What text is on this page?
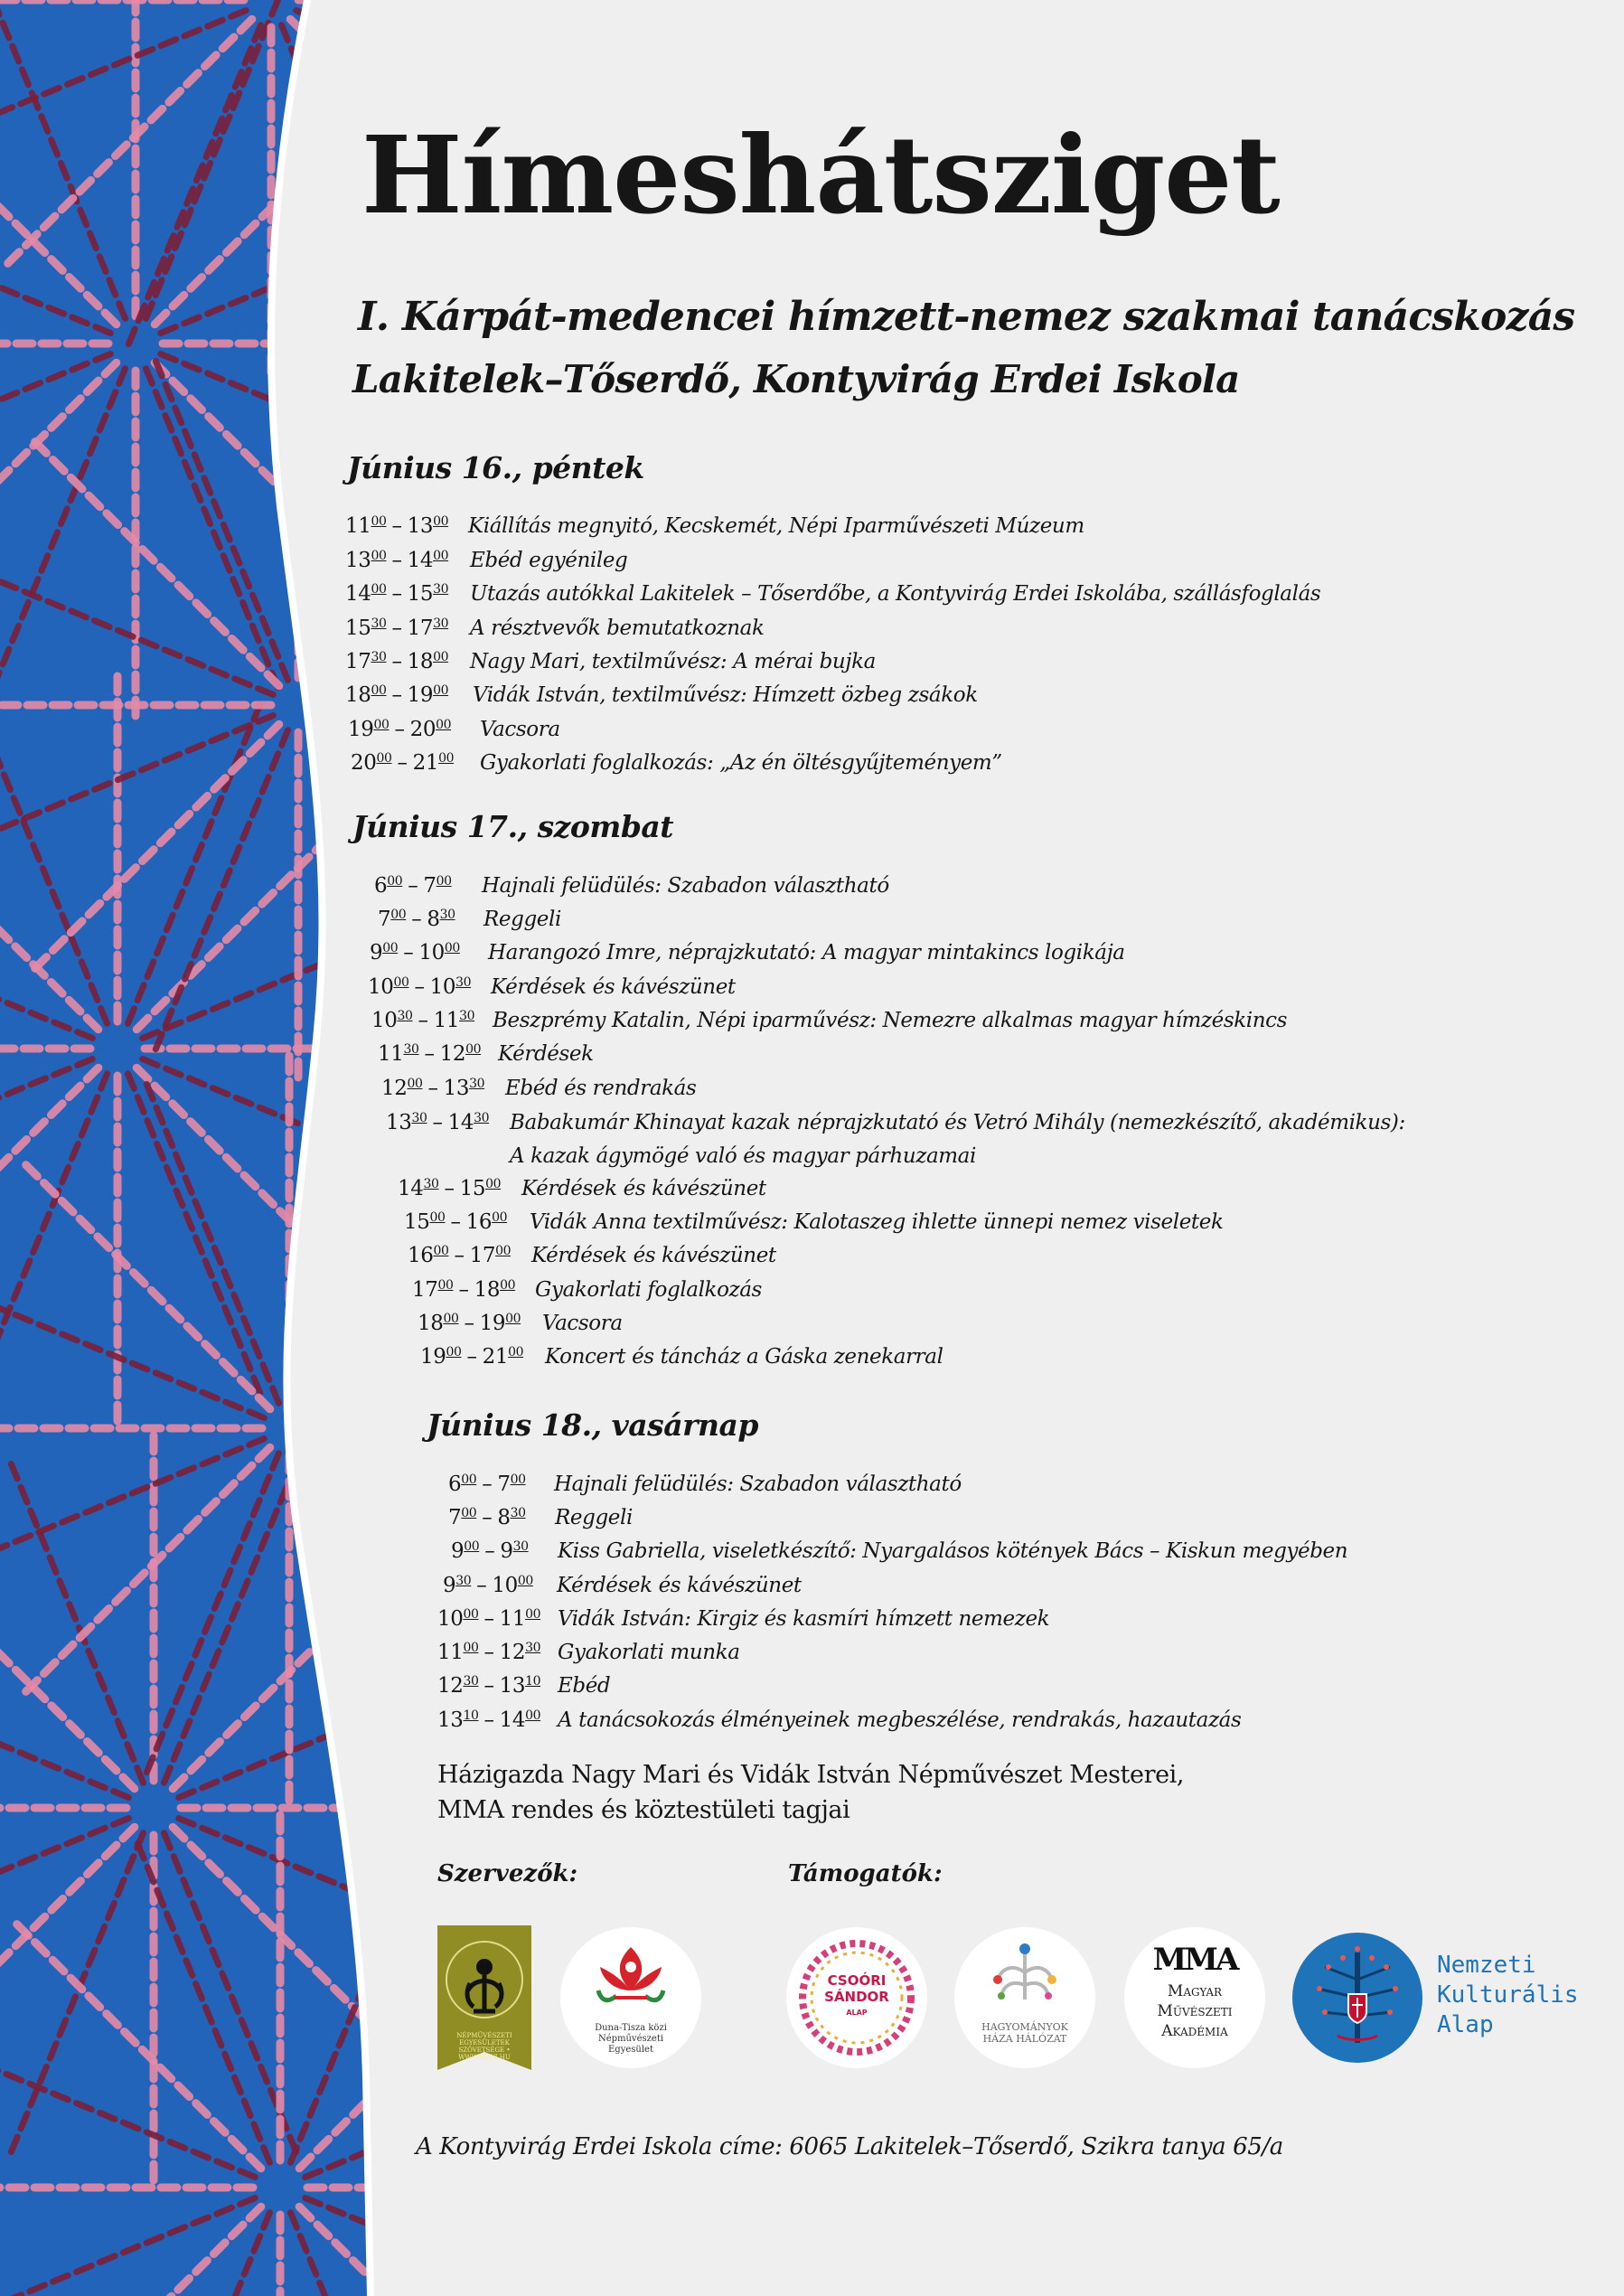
Hímeshátsziget
I. Kárpát-medencei hímzett-nemez szakmai tanácskozás
Lakitelek–Tőserdő, Kontyvirág Erdei Iskola
Június 16., péntek
$11^{00} - 13^{00}$ Kiállítás megnyitó, Kecskemét, Népi Iparművészeti Múzeum
$13^{00} - 14^{00}$ Ebéd egyénileg
$14^{00} - 15^{30}$ Utazás autókkal Lakitelek – Tőserdőbe, a Kontyvirág Erdei Iskolába, szállásfoglalás
$15^{30} - 17^{30}$ A résztvevők bemutatkoznak
$17^{30} - 18^{00}$ Nagy Mari, textilművész: A mérai bujka
$18^{00} - 19^{00}$ Vidák István, textilművész: Hímzett özbeg zsákok
$19^{00} - 20^{00}$ Vacsora
$20^{00} - 21^{00}$ Gyakorlati foglalkozás: „Az én öltésgyűjteményem”
Június 17., szombat
$6^{00} - 7^{00}$ Hajnali felüdülés: Szabadon választható
$7^{00} - 8^{30}$ Reggeli
$9^{00} - 10^{00}$ Harangozó Imre, néprajzkutató: A magyar mintakincs logikája
$10^{00} - 10^{30}$ Kérdések és kávészünet
$10^{30} - 11^{30}$ Beszprémy Katalin, Népi iparművész: Nemezre alkalmas magyar hímzéskincs
$11^{30} - 12^{00}$ Kérdések
$12^{00} - 13^{30}$ Ebéd és rendrakás
$13^{30} - 14^{30}$ Babakumár Khinayat kazak néprajzkutató és Vetró Mihály (nemezkészítő, akadémikus):
A kazak ágymögé való és magyar párhuzamai
$14^{30} - 15^{00}$ Kérdések és kávészünet
$15^{00} - 16^{00}$ Vidák Anna textilművész: Kalotaszeg ihlette ünnepi nemez viseletek
$16^{00} - 17^{00}$ Kérdések és kávészünet
$17^{00} - 18^{00}$ Gyakorlati foglalkozás
$18^{00} - 19^{00}$ Vacsora
$19^{00} - 21^{00}$ Koncert és táncház a Gáska zenekarral
Június 18., vasárnap
$6^{00} - 7^{00}$ Hajnali felüdülés: Szabadon választható
$7^{00} - 8^{30}$ Reggeli
$9^{00} - 9^{30}$ Kiss Gabriella, viseletkészítő: Nyargalásos kötények Bács – Kiskun megyében
$9^{30} - 10^{00}$ Kérdések és kávészünet
$10^{00} - 11^{00}$ Vidák István: Kirgiz és kasmíri hímzett nemezek
$11^{00} - 12^{30}$ Gyakorlati munka
$12^{30} - 13^{10}$ Ebéd
$13^{10} - 14^{00}$ A tanácsokozás élményeinek megbeszélése, rendrakás, hazautazás
Házigazda Nagy Mari és Vidák István Népművészet Mesterei,
MMA rendes és köztestületi tagjai
Szervezők:	Támogatók:
NÉPMŰVÉSZETI EGYESÜLETEK SZÖVETSÉGE • WWW.NESZ.HU
Duna-Tisza közi Népművészeti Egyesület
CSOÓRI
SÁNDOR
ALAP
HAGYOMÁNYOK HÁZA HÁLÓZAT
MMA
Magyar
Művészeti
Akadémia
Nemzeti
Kulturális
Alap
A Kontyvirág Erdei Iskola címe: 6065 Lakitelek–Tőserdő, Szikra tanya 65/a
